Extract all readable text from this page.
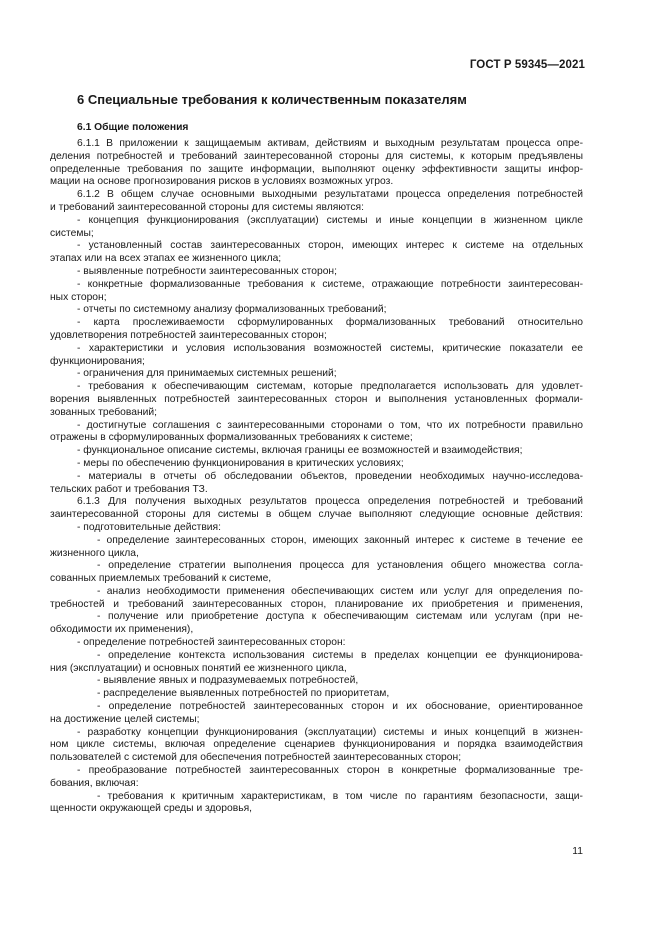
ГОСТ Р 59345—2021
6 Специальные требования к количественным показателям
6.1 Общие положения
6.1.1 В приложении к защищаемым активам, действиям и выходным результатам процесса опре-
деления потребностей и требований заинтересованной стороны для системы, к которым предъявлены
определенные требования по защите информации, выполняют оценку эффективности защиты инфор-
мации на основе прогнозирования рисков в условиях возможных угроз.
6.1.2 В общем случае основными выходными результатами процесса определения потребностей
и требований заинтересованной стороны для системы являются:
- концепция функционирования (эксплуатации) системы и иные концепции в жизненном цикле
системы;
- установленный состав заинтересованных сторон, имеющих интерес к системе на отдельных
этапах или на всех этапах ее жизненного цикла;
- выявленные потребности заинтересованных сторон;
- конкретные формализованные требования к системе, отражающие потребности заинтересован-
ных сторон;
- отчеты по системному анализу формализованных требований;
- карта прослеживаемости сформулированных формализованных требований относительно
удовлетворения потребностей заинтересованных сторон;
- характеристики и условия использования возможностей системы, критические показатели ее
функционирования;
- ограничения для принимаемых системных решений;
- требования к обеспечивающим системам, которые предполагается использовать для удовлет-
ворения выявленных потребностей заинтересованных сторон и выполнения установленных формали-
зованных требований;
- достигнутые соглашения с заинтересованными сторонами о том, что их потребности правильно
отражены в сформулированных формализованных требованиях к системе;
- функциональное описание системы, включая границы ее возможностей и взаимодействия;
- меры по обеспечению функционирования в критических условиях;
- материалы в отчеты об обследовании объектов, проведении необходимых научно-исследова-
тельских работ и требования ТЗ.
6.1.3 Для получения выходных результатов процесса определения потребностей и требований
заинтересованной стороны для системы в общем случае выполняют следующие основные действия:
- подготовительные действия:
- определение заинтересованных сторон, имеющих законный интерес к системе в течение ее
жизненного цикла,
- определение стратегии выполнения процесса для установления общего множества согла-
сованных приемлемых требований к системе,
- анализ необходимости применения обеспечивающих систем или услуг для определения по-
требностей и требований заинтересованных сторон, планирование их приобретения и применения,
- получение или приобретение доступа к обеспечивающим системам или услугам (при не-
обходимости их применения),
- определение потребностей заинтересованных сторон:
- определение контекста использования системы в пределах концепции ее функционирова-
ния (эксплуатации) и основных понятий ее жизненного цикла,
- выявление явных и подразумеваемых потребностей,
- распределение выявленных потребностей по приоритетам,
- определение потребностей заинтересованных сторон и их обоснование, ориентированное
на достижение целей системы;
- разработку концепции функционирования (эксплуатации) системы и иных концепций в жизнен-
ном цикле системы, включая определение сценариев функционирования и порядка взаимодействия
пользователей с системой для обеспечения потребностей заинтересованных сторон;
- преобразование потребностей заинтересованных сторон в конкретные формализованные тре-
бования, включая:
- требования к критичным характеристикам, в том числе по гарантиям безопасности, защи-
щенности окружающей среды и здоровья,
11
